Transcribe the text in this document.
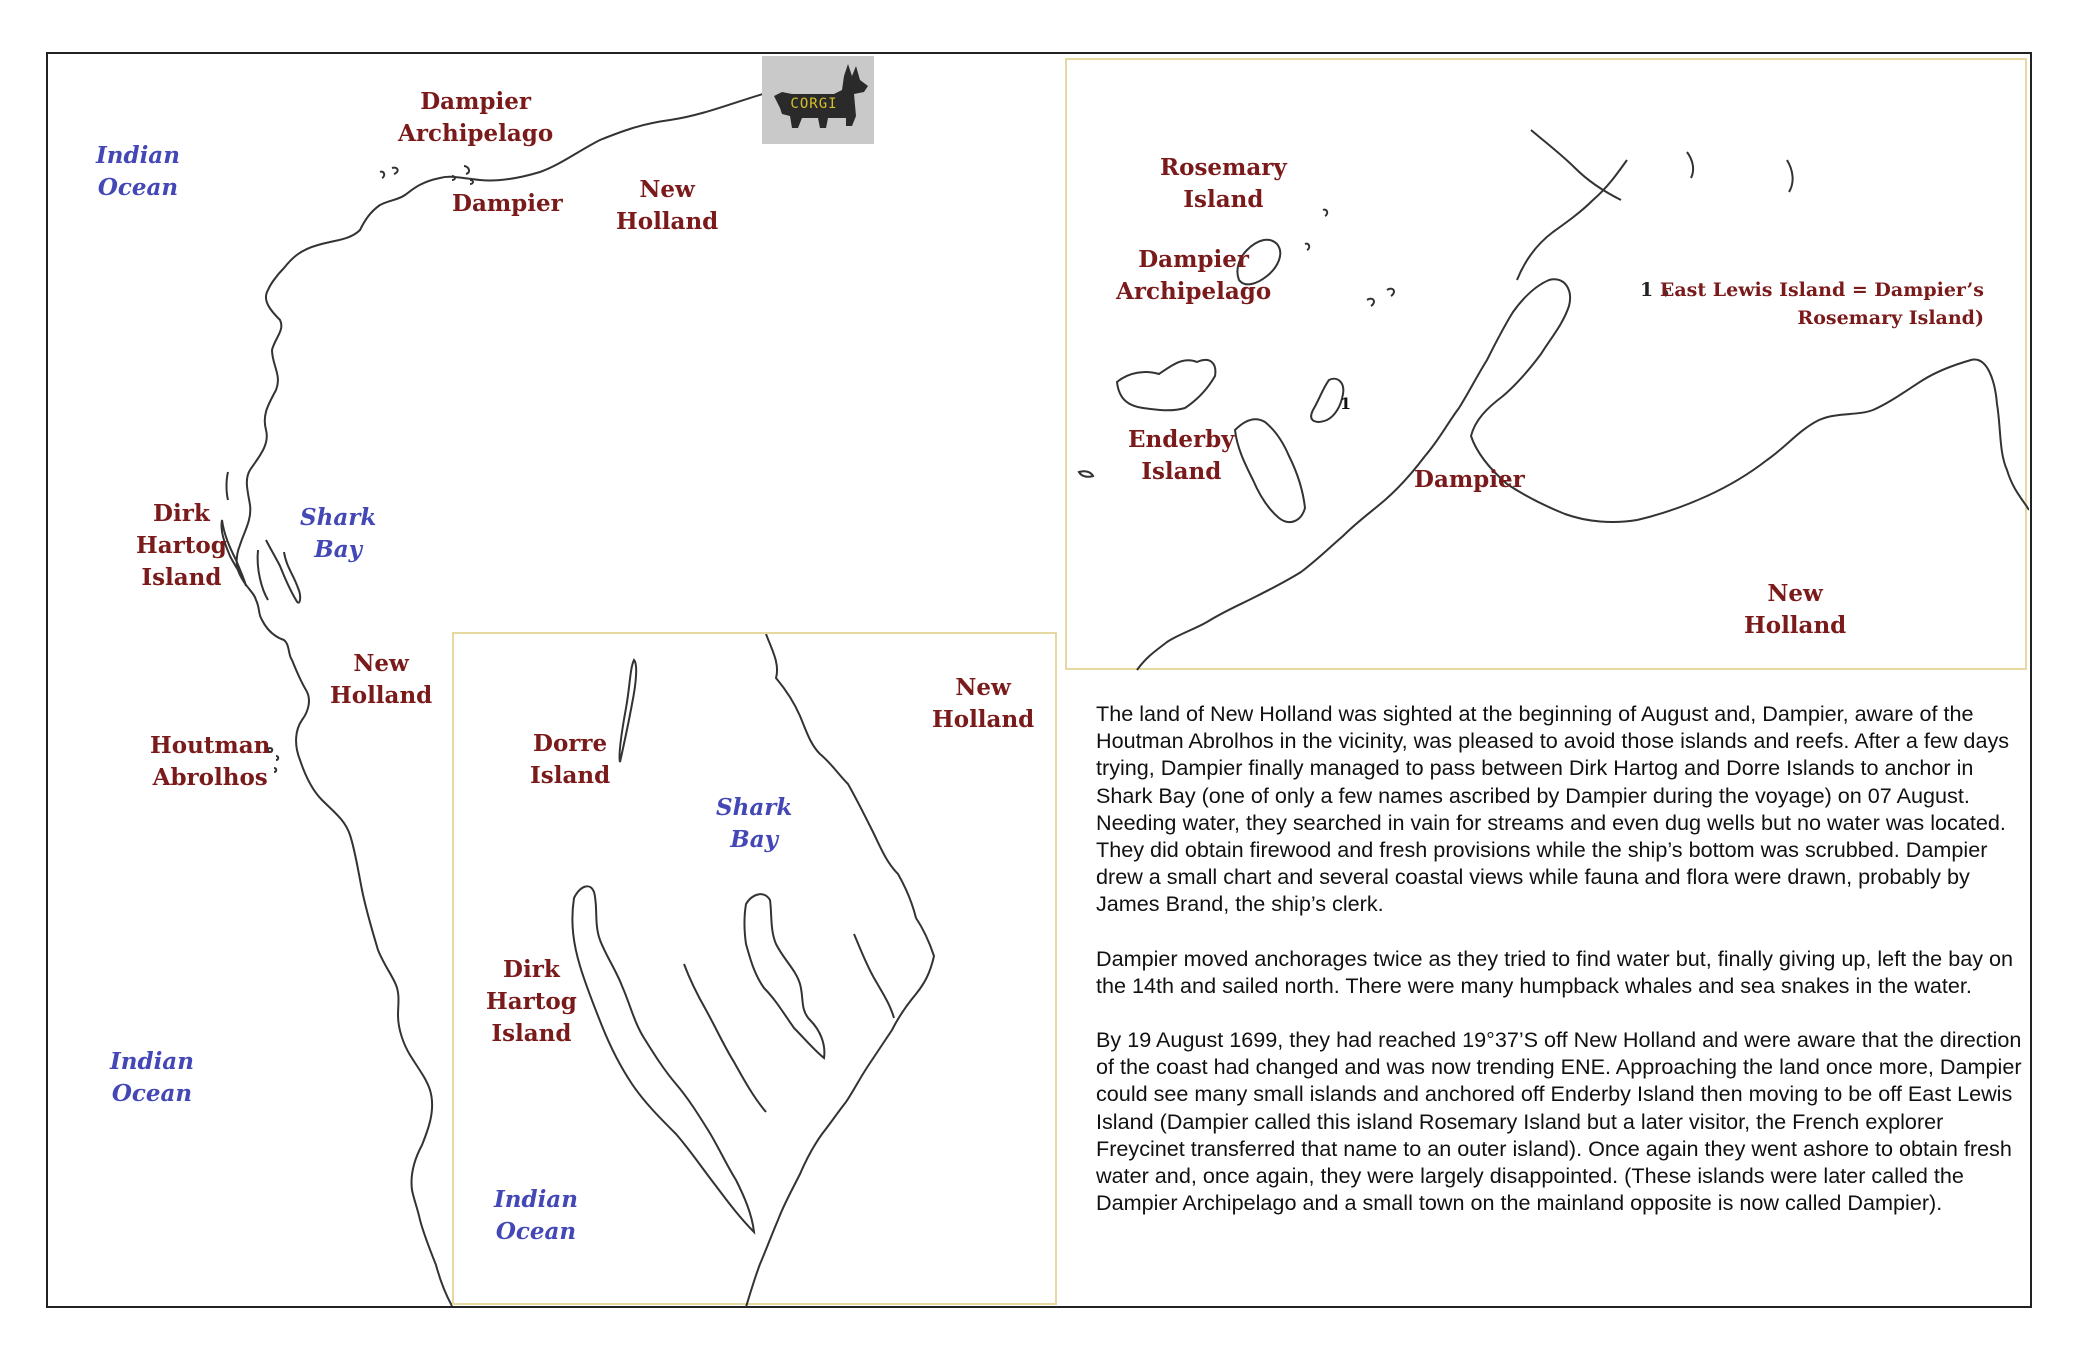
CORGI
Indian
Ocean
Dampier
Archipelago
Dampier
New
Holland
Dirk
Hartog
Island
Shark
Bay
New
Holland
Houtman
Abrolhos
Indian
Ocean
Dorre
Island
New
Holland
Shark
Bay
Dirk
Hartog
Island
Indian
Ocean
1
Rosemary
Island
Dampier
Archipelago
Enderby
Island	Dampier
New
Holland
1 East Lewis Island = Dampier’s
Rosemary Island)

The land of New Holland was sighted at the beginning of August and, Dampier, aware of the Houtman Abrolhos in the vicinity, was pleased to avoid those islands and reefs. After a few days trying, Dampier finally managed to pass between Dirk Hartog and Dorre Islands to anchor in Shark Bay (one of only a few names ascribed by Dampier during the voyage) on 07 August. Needing water, they searched in vain for streams and even dug wells but no water was located. They did obtain firewood and fresh provisions while the ship’s bottom was scrubbed. Dampier drew a small chart and several coastal views while fauna and flora were drawn, probably by James Brand, the ship’s clerk.

Dampier moved anchorages twice as they tried to find water but, finally giving up, left the bay on the 14th and sailed north. There were many humpback whales and sea snakes in the water.

By 19 August 1699, they had reached 19°37’S off New Holland and were aware that the direction of the coast had changed and was now trending ENE. Approaching the land once more, Dampier could see many small islands and anchored off Enderby Island then moving to be off East Lewis Island (Dampier called this island Rosemary Island but a later visitor, the French explorer Freycinet transferred that name to an outer island). Once again they went ashore to obtain fresh water and, once again, they were largely disappointed. (These islands were later called the Dampier Archipelago and a small town on the mainland opposite is now called Dampier).
